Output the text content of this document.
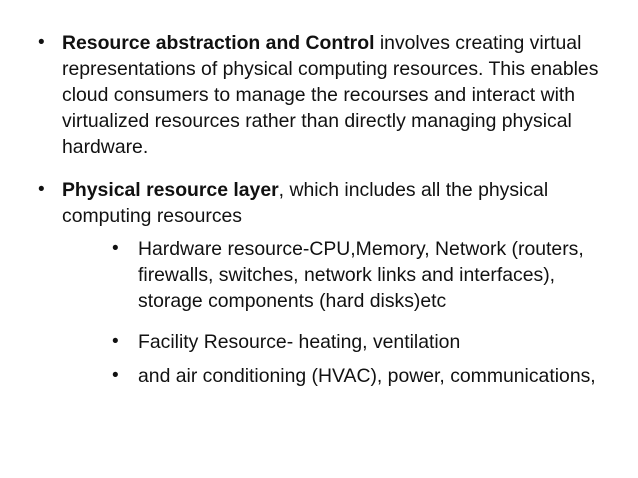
• Resource abstraction and Control involves creating virtual representations of physical computing resources. This enables cloud consumers to manage the recourses and interact with virtualized resources rather than directly managing physical hardware.
• Physical resource layer, which includes all the physical computing resources
• Hardware resource-CPU,Memory, Network (routers, firewalls, switches, network links and interfaces), storage components (hard disks)etc
• Facility Resource- heating, ventilation
• and air conditioning (HVAC), power, communications,
